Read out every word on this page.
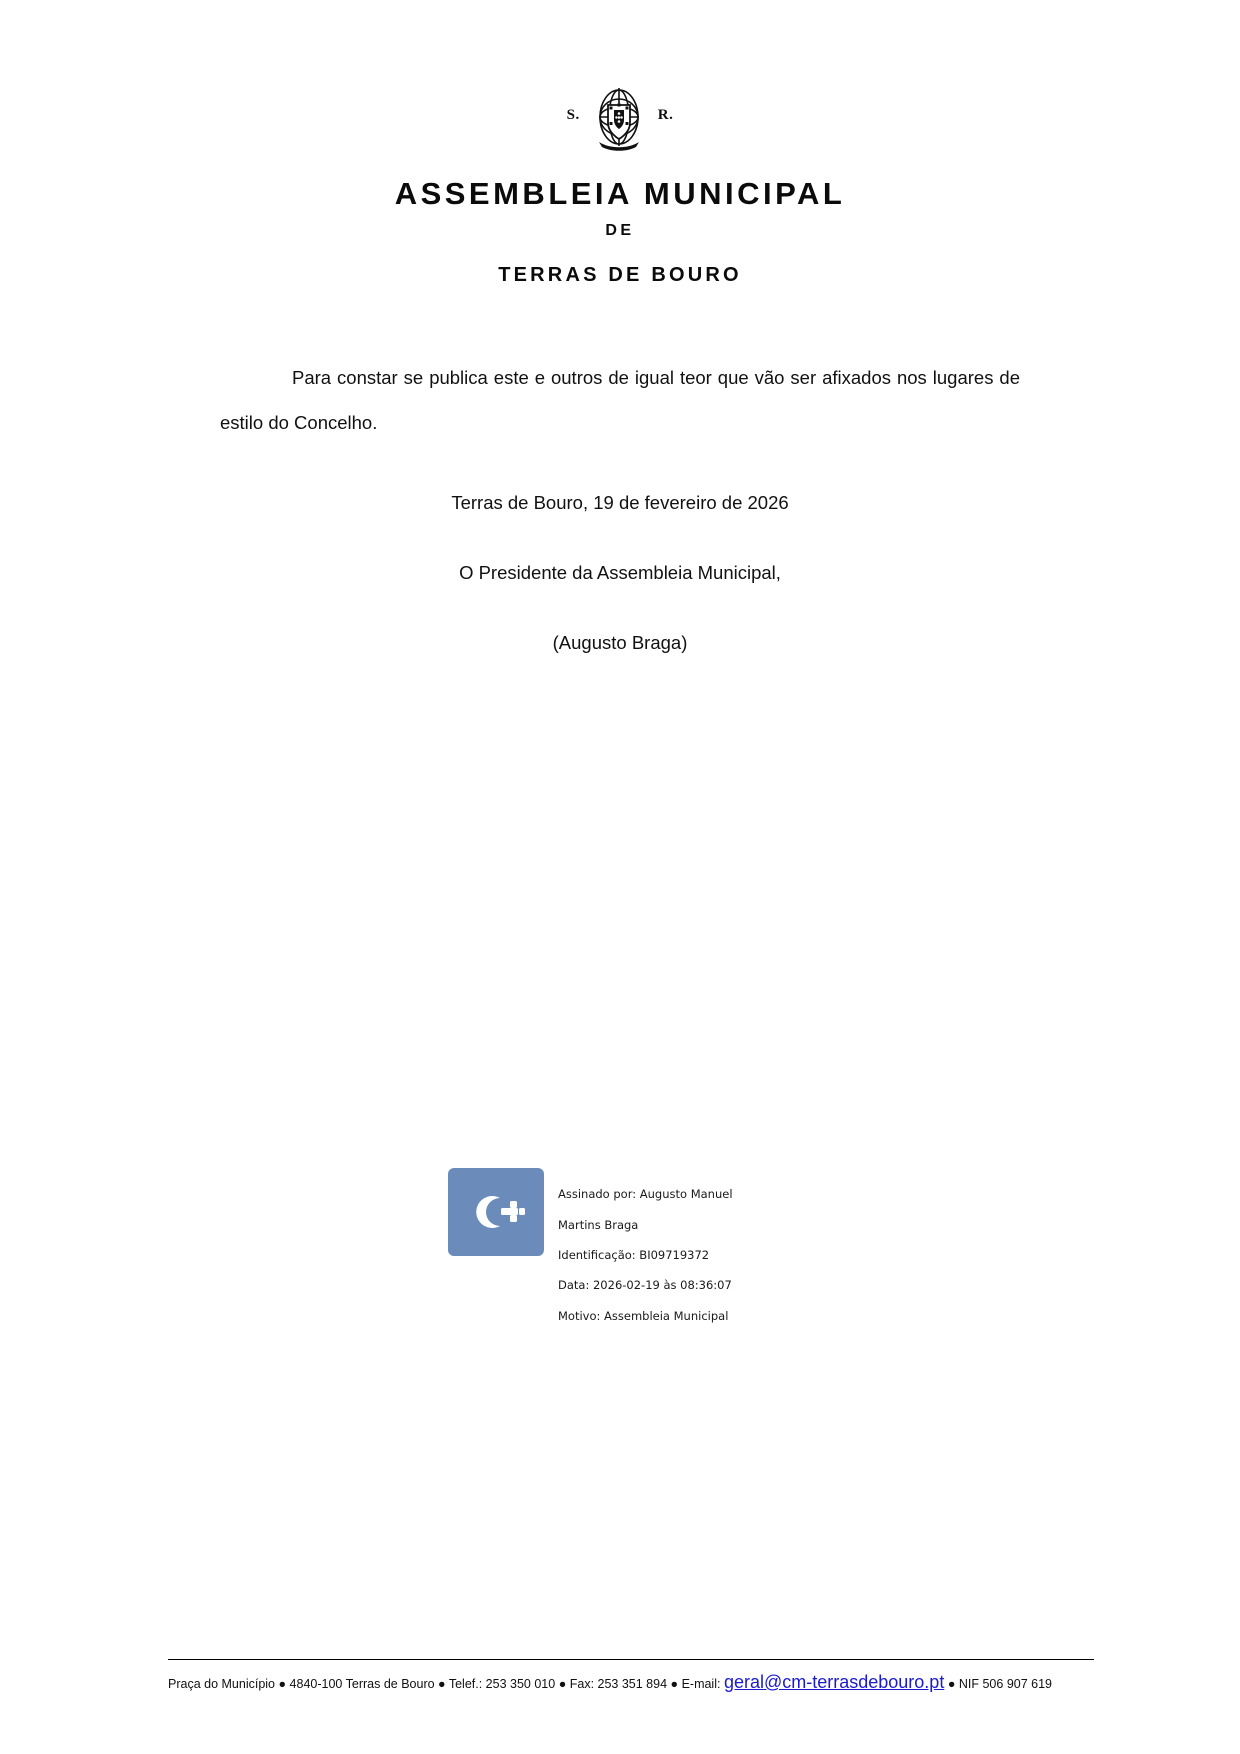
S.	R.
ASSEMBLEIA MUNICIPAL
DE
TERRAS DE BOURO
Para constar se publica este e outros de igual teor que vão ser afixados nos lugares de estilo do Concelho.
Terras de Bouro, 19 de fevereiro de 2026
O Presidente da Assembleia Municipal,
(Augusto Braga)

Assinado por: Augusto Manuel

Martins Braga

Identificação: BI09719372

Data: 2026-02-19 às 08:36:07

Motivo: Assembleia Municipal

Praça do Município ● 4840-100 Terras de Bouro ● Telef.: 253 350 010 ● Fax: 253 351 894 ● E-mail: geral@cm-terrasdebouro.pt ● NIF 506 907 619
